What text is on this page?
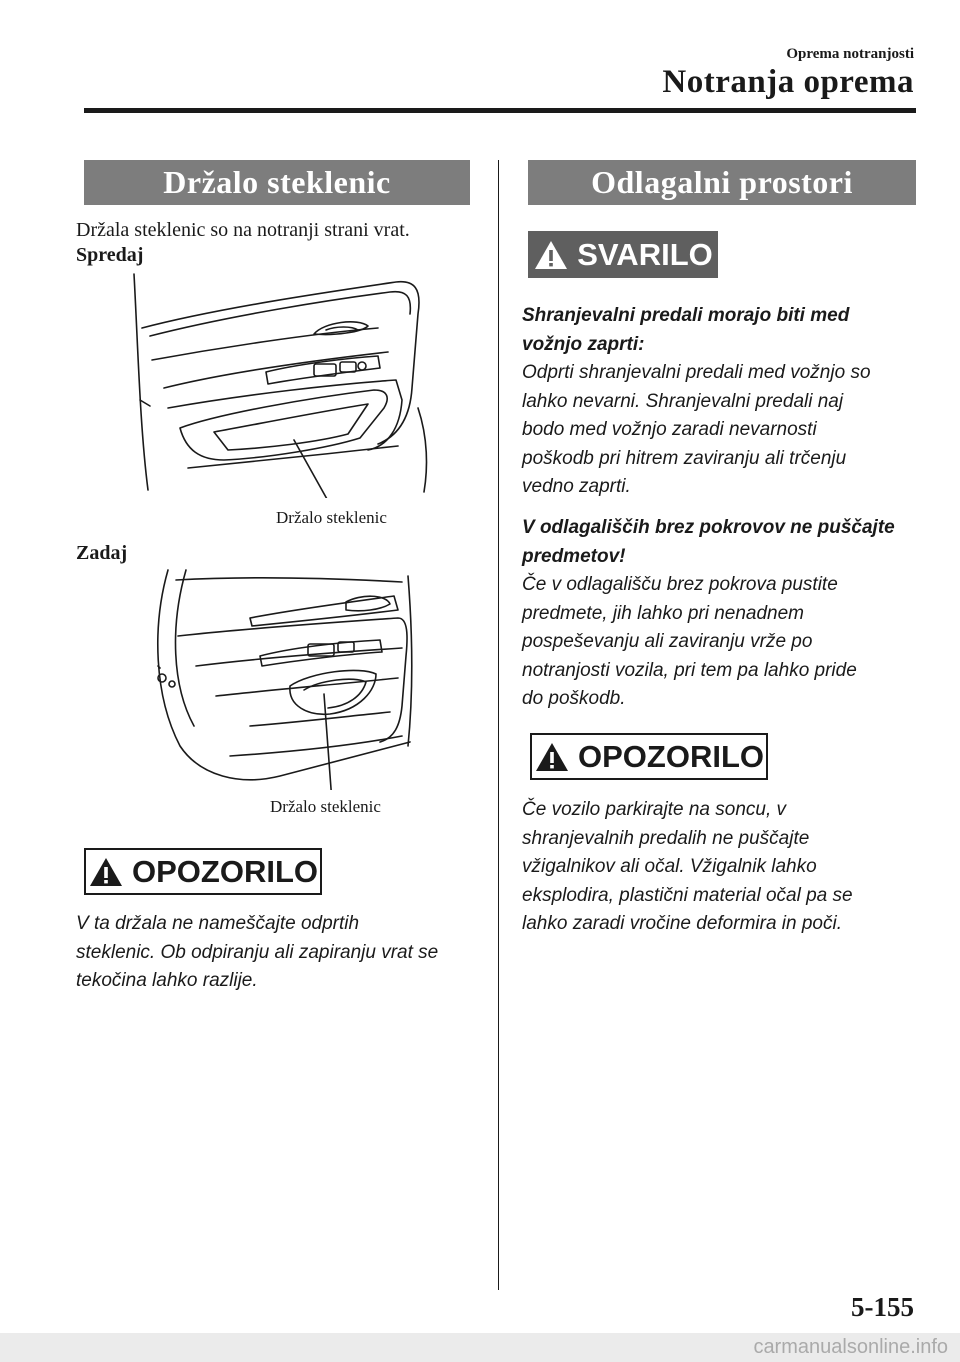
Oprema notranjosti
Notranja oprema
Držalo steklenic
Držala steklenic so na notranji strani vrat.
Spredaj
Držalo steklenic
Zadaj
Držalo steklenic
OPOZORILO
V ta držala ne nameščajte odprtih
steklenic. Ob odpiranju ali zapiranju vrat se
tekočina lahko razlije.
Odlagalni prostori
SVARILO
Shranjevalni predali morajo biti med
vožnjo zaprti:
Odprti shranjevalni predali med vožnjo so
lahko nevarni. Shranjevalni predali naj
bodo med vožnjo zaradi nevarnosti
poškodb pri hitrem zaviranju ali trčenju
vedno zaprti.
V odlagališčih brez pokrovov ne puščajte
predmetov!
Če v odlagališču brez pokrova pustite
predmete, jih lahko pri nenadnem
pospeševanju ali zaviranju vrže po
notranjosti vozila, pri tem pa lahko pride
do poškodb.
OPOZORILO
Če vozilo parkirajte na soncu, v
shranjevalnih predalih ne puščajte
vžigalnikov ali očal. Vžigalnik lahko
eksplodira, plastični material očal pa se
lahko zaradi vročine deformira in poči.
5-155
carmanualsonline.info
